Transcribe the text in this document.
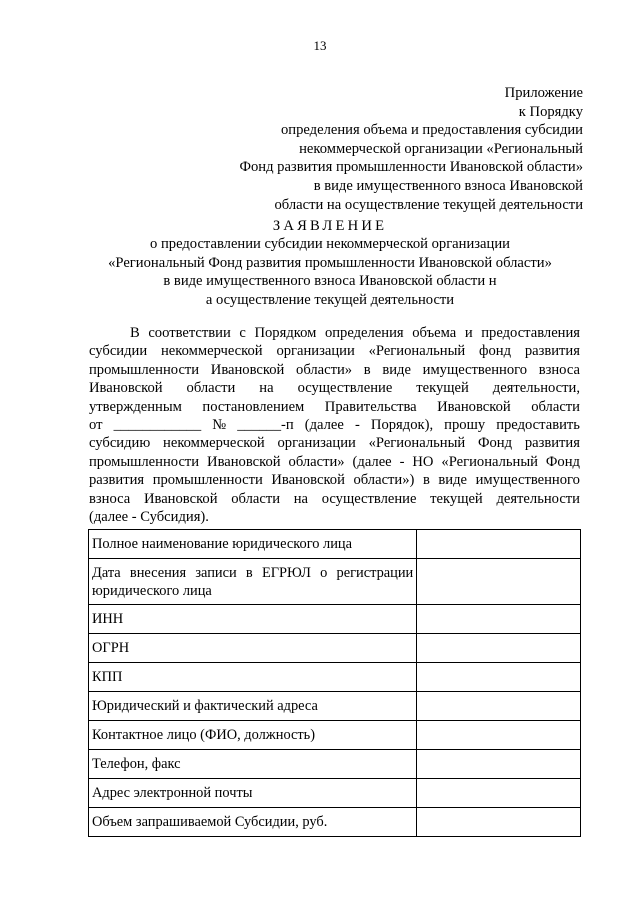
13
Приложение
к Порядку
определения объема и предоставления субсидии
некоммерческой организации «Региональный
Фонд развития промышленности Ивановской области»
в виде имущественного взноса Ивановской
области на осуществление текущей деятельности
ЗАЯВЛЕНИЕ
о предоставлении субсидии некоммерческой организации
«Региональный Фонд развития промышленности Ивановской области»
в виде имущественного взноса Ивановской области н
а осуществление текущей деятельности
В соответствии с Порядком определения объема и предоставления
субсидии некоммерческой организации «Региональный фонд развития
промышленности Ивановской области» в виде имущественного взноса
Ивановской области на осуществление текущей деятельности,
утвержденным постановлением Правительства Ивановской области
от ____________ № ______-п (далее - Порядок), прошу предоставить
субсидию некоммерческой организации «Региональный Фонд развития
промышленности Ивановской области» (далее - НО «Региональный Фонд
развития промышленности Ивановской области») в виде имущественного
взноса Ивановской области на осуществление текущей деятельности
(далее - Субсидия).
Полное наименование юридического лица	
Дата внесения записи в ЕГРЮЛ о регистрации юридического лица	
ИНН	
ОГРН	
КПП	
Юридический и фактический адреса	
Контактное лицо (ФИО, должность)	
Телефон, факс	
Адрес электронной почты	
Объем запрашиваемой Субсидии, руб.	
